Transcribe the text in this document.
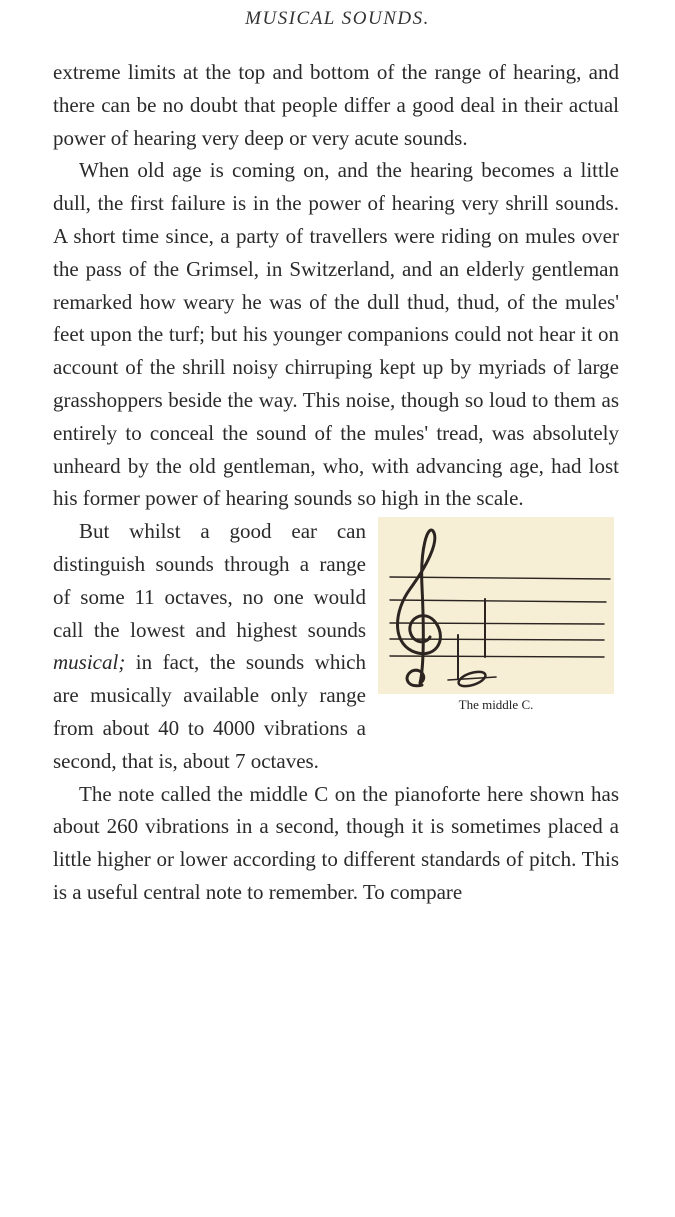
MUSICAL SOUNDS.

extreme limits at the top and bottom of the range of hearing, and there can be no doubt that people differ a good deal in their actual power of hearing very deep or very acute sounds.

When old age is coming on, and the hearing becomes a little dull, the first failure is in the power of hearing very shrill sounds. A short time since, a party of travellers were riding on mules over the pass of the Grimsel, in Switzerland, and an elderly gentleman remarked how weary he was of the dull thud, thud, of the mules' feet upon the turf; but his younger companions could not hear it on account of the shrill noisy chirruping kept up by myriads of large grasshoppers beside the way. This noise, though so loud to them as entirely to conceal the sound of the mules' tread, was absolutely unheard by the old gentleman, who, with advancing age, had lost his former power of hearing sounds so high in the scale.

The middle C.

But whilst a good ear can distinguish sounds through a range of some 11 octaves, no one would call the lowest and highest sounds musical; in fact, the sounds which are musically available only range from about 40 to 4000 vibrations a second, that is, about 7 octaves.

The note called the middle C on the pianoforte here shown has about 260 vibrations in a second, though it is sometimes placed a little higher or lower according to different standards of pitch. This is a useful central note to remember. To compare
